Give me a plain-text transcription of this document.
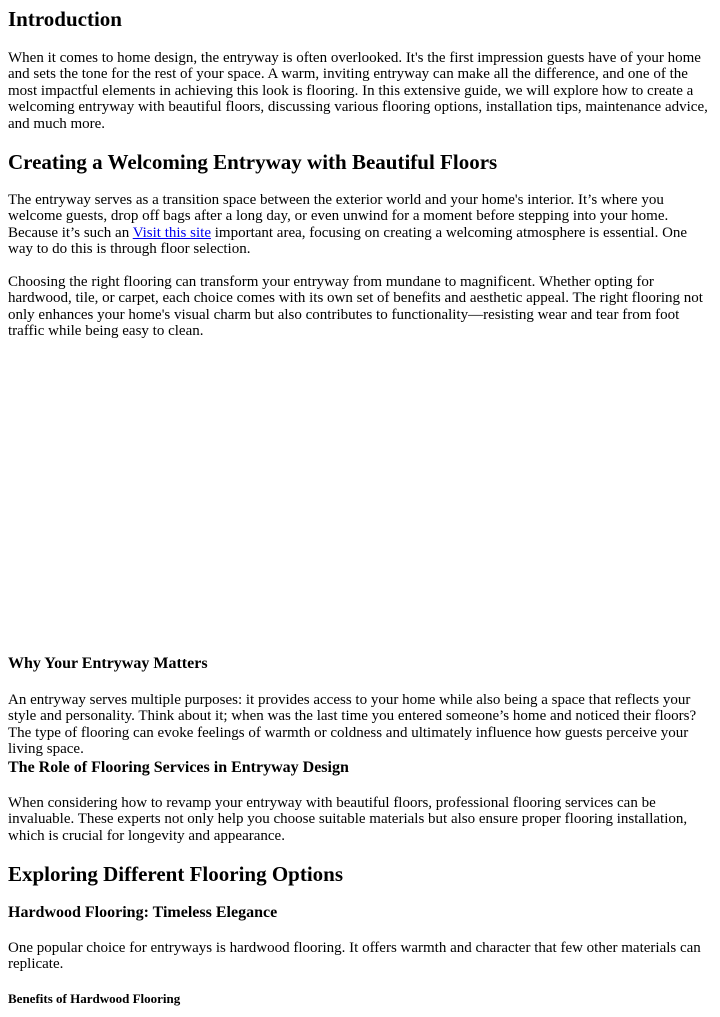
Introduction

When it comes to home design, the entryway is often overlooked. It's the first impression guests have of your home and sets the tone for the rest of your space. A warm, inviting entryway can make all the difference, and one of the most impactful elements in achieving this look is flooring. In this extensive guide, we will explore how to create a welcoming entryway with beautiful floors, discussing various flooring options, installation tips, maintenance advice, and much more.

Creating a Welcoming Entryway with Beautiful Floors

The entryway serves as a transition space between the exterior world and your home's interior. It’s where you welcome guests, drop off bags after a long day, or even unwind for a moment before stepping into your home. Because it’s such an Visit this site important area, focusing on creating a welcoming atmosphere is essential. One way to do this is through floor selection.

Choosing the right flooring can transform your entryway from mundane to magnificent. Whether opting for hardwood, tile, or carpet, each choice comes with its own set of benefits and aesthetic appeal. The right flooring not only enhances your home's visual charm but also contributes to functionality—resisting wear and tear from foot traffic while being easy to clean.

Why Your Entryway Matters

An entryway serves multiple purposes: it provides access to your home while also being a space that reflects your style and personality. Think about it; when was the last time you entered someone’s home and noticed their floors? The type of flooring can evoke feelings of warmth or coldness and ultimately influence how guests perceive your living space.

The Role of Flooring Services in Entryway Design

When considering how to revamp your entryway with beautiful floors, professional flooring services can be invaluable. These experts not only help you choose suitable materials but also ensure proper flooring installation, which is crucial for longevity and appearance.

Exploring Different Flooring Options
Hardwood Flooring: Timeless Elegance

One popular choice for entryways is hardwood flooring. It offers warmth and character that few other materials can replicate.

Benefits of Hardwood Flooring
